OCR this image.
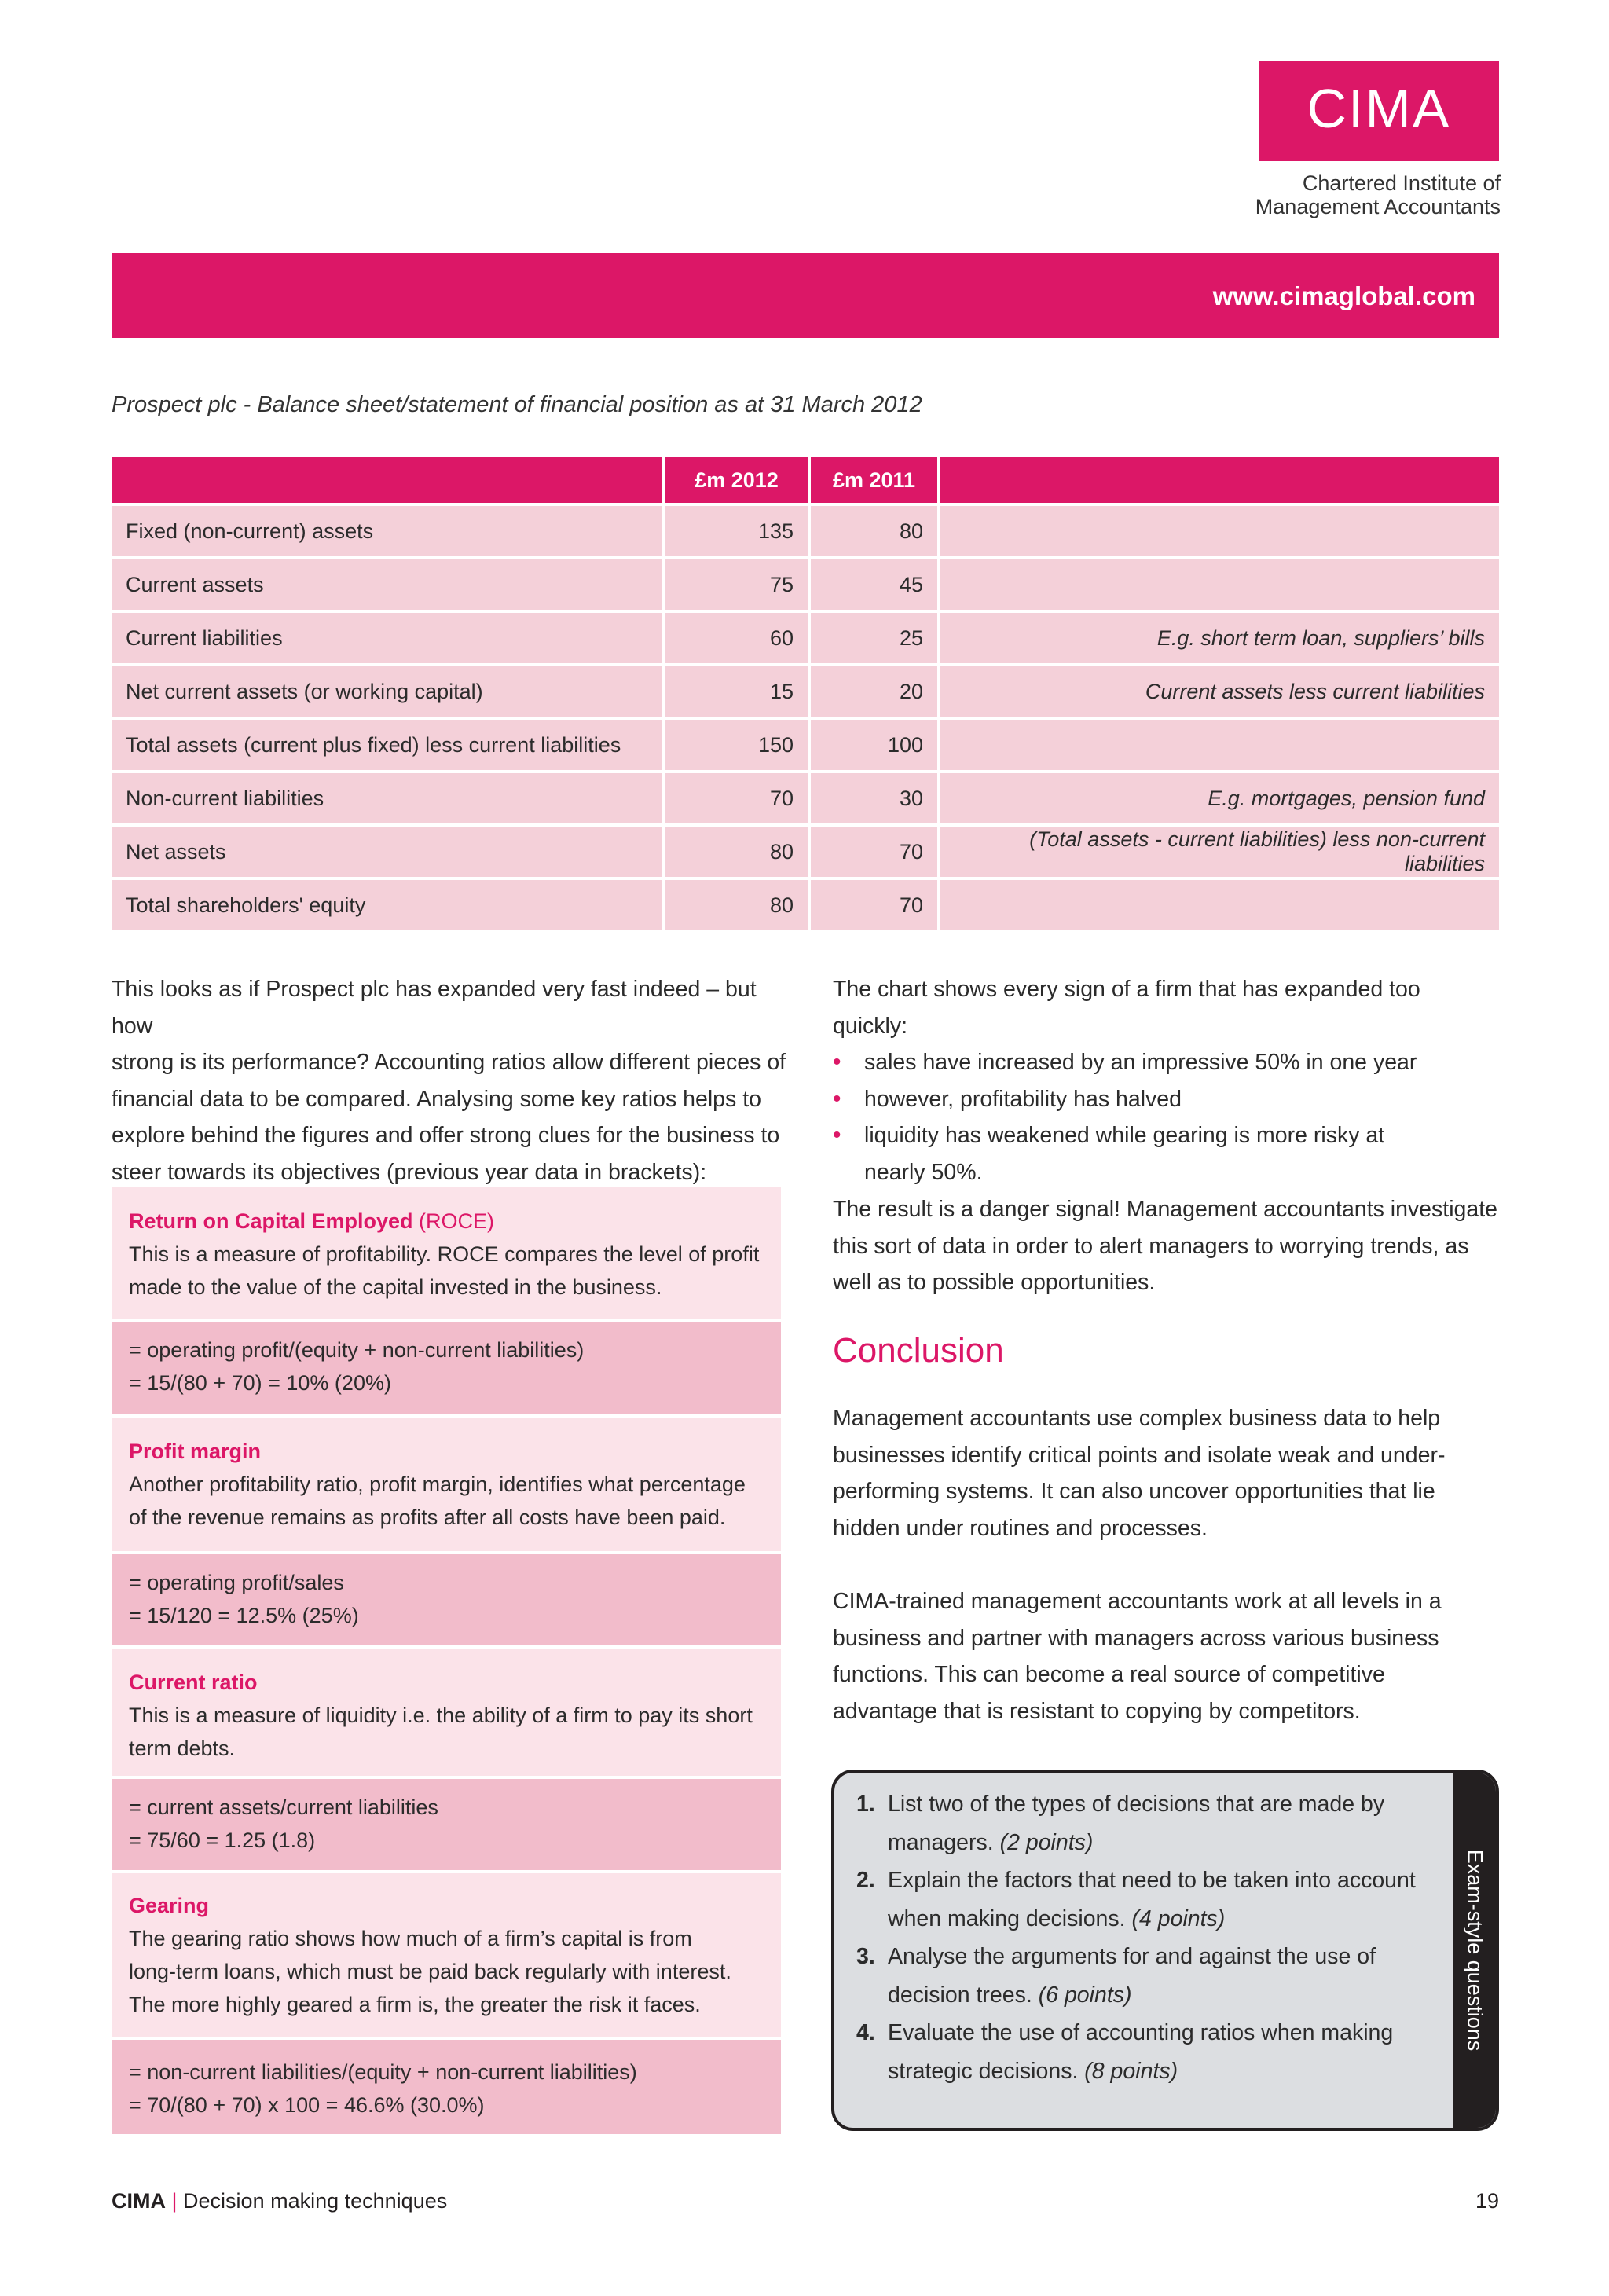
CIMA
Chartered Institute of
Management Accountants
www.cimaglobal.com
Prospect plc - Balance sheet/statement of financial position as at 31 March 2012
	£m 2012	£m 2011	
Fixed (non-current) assets	135	80	
Current assets	75	45	
Current liabilities	60	25	E.g. short term loan, suppliers’ bills
Net current assets (or working capital)	15	20	Current assets less current liabilities
Total assets (current plus fixed) less current liabilities	150	100	
Non-current liabilities	70	30	E.g. mortgages, pension fund
Net assets	80	70	(Total assets - current liabilities) less non-current liabilities
Total shareholders' equity	80	70	
This looks as if Prospect plc has expanded very fast indeed – but how
strong is its performance? Accounting ratios allow different pieces of
financial data to be compared. Analysing some key ratios helps to
explore behind the figures and offer strong clues for the business to
steer towards its objectives (previous year data in brackets):
The chart shows every sign of a firm that has expanded too quickly:
• sales have increased by an impressive 50% in one year
• however, profitability has halved
• liquidity has weakened while gearing is more risky at
nearly 50%.
The result is a danger signal! Management accountants investigate
this sort of data in order to alert managers to worrying trends, as
well as to possible opportunities.
Conclusion
Management accountants use complex business data to help
businesses identify critical points and isolate weak and under-
performing systems. It can also uncover opportunities that lie
hidden under routines and processes.
CIMA-trained management accountants work at all levels in a
business and partner with managers across various business
functions. This can become a real source of competitive
advantage that is resistant to copying by competitors.
Return on Capital Employed (ROCE)
This is a measure of profitability. ROCE compares the level of profit
made to the value of the capital invested in the business.
= operating profit/(equity + non-current liabilities)
= 15/(80 + 70) = 10% (20%)
Profit margin
Another profitability ratio, profit margin, identifies what percentage
of the revenue remains as profits after all costs have been paid.
= operating profit/sales
= 15/120 = 12.5% (25%)
Current ratio
This is a measure of liquidity i.e. the ability of a firm to pay its short
term debts.
= current assets/current liabilities
= 75/60 = 1.25 (1.8)
Gearing
The gearing ratio shows how much of a firm’s capital is from
long-term loans, which must be paid back regularly with interest.
The more highly geared a firm is, the greater the risk it faces.
= non-current liabilities/(equity + non-current liabilities)
= 70/(80 + 70) x 100 = 46.6% (30.0%)
1. List two of the types of decisions that are made by
managers. (2 points)
2. Explain the factors that need to be taken into account
when making decisions. (4 points)
3. Analyse the arguments for and against the use of
decision trees. (6 points)
4. Evaluate the use of accounting ratios when making
strategic decisions. (8 points)
Exam-style questions
CIMA | Decision making techniques	19
